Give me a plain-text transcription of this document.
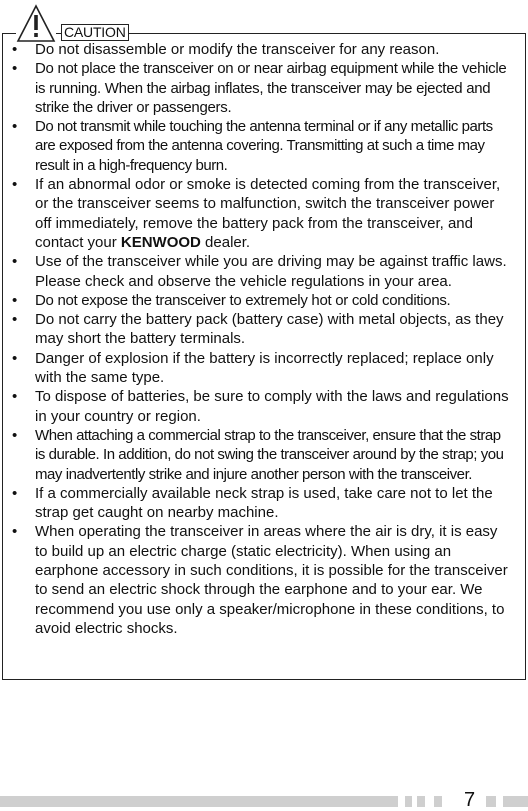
CAUTION
• Do not disassemble or modify the transceiver for any reason.
• Do not place the transceiver on or near airbag equipment while the vehicle is running. When the airbag inflates, the transceiver may be ejected and strike the driver or passengers.
• Do not transmit while touching the antenna terminal or if any metallic parts are exposed from the antenna covering. Transmitting at such a time may result in a high-frequency burn.
• If an abnormal odor or smoke is detected coming from the transceiver, or the transceiver seems to malfunction, switch the transceiver power off immediately, remove the battery pack from the transceiver, and contact your KENWOOD dealer.
• Use of the transceiver while you are driving may be against traffic laws. Please check and observe the vehicle regulations in your area.
• Do not expose the transceiver to extremely hot or cold conditions.
• Do not carry the battery pack (battery case) with metal objects, as they may short the battery terminals.
• Danger of explosion if the battery is incorrectly replaced; replace only with the same type.
• To dispose of batteries, be sure to comply with the laws and regulations in your country or region.
• When attaching a commercial strap to the transceiver, ensure that the strap is durable. In addition, do not swing the transceiver around by the strap; you may inadvertently strike and injure another person with the transceiver.
• If a commercially available neck strap is used, take care not to let the strap get caught on nearby machine.
• When operating the transceiver in areas where the air is dry, it is easy to build up an electric charge (static electricity). When using an earphone accessory in such conditions, it is possible for the transceiver to send an electric shock through the earphone and to your ear. We recommend you use only a speaker/microphone in these conditions, to avoid electric shocks.
7
